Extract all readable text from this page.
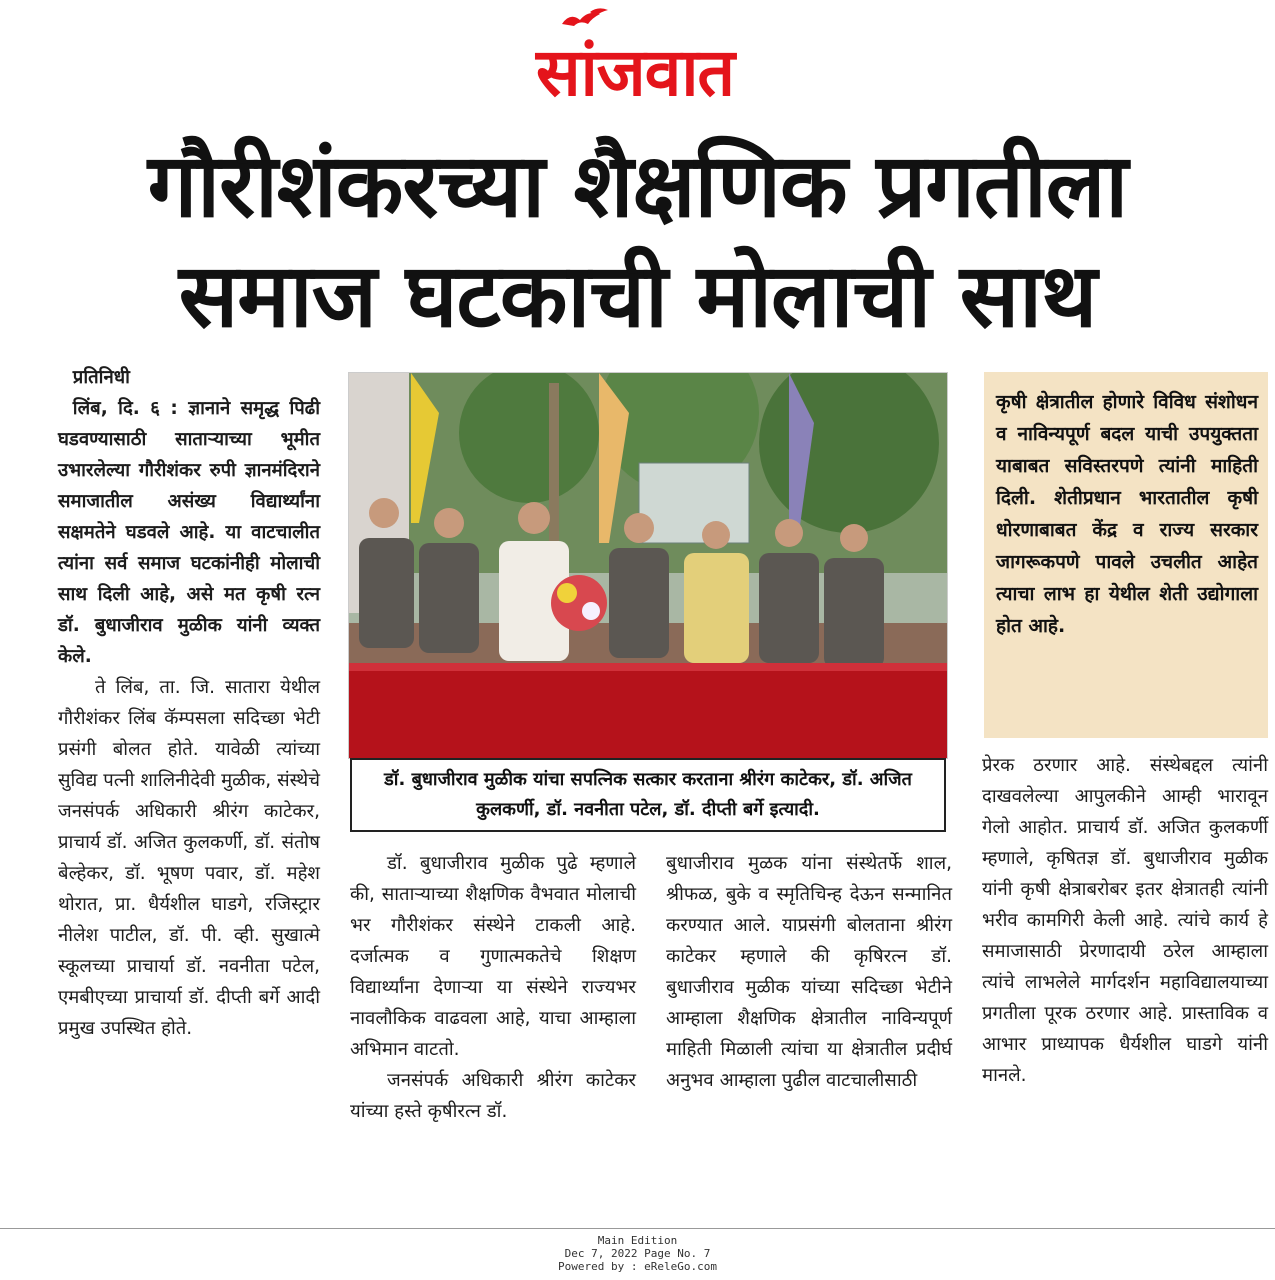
सांजवात
गौरीशंकरच्या शैक्षणिक प्रगतीला
समाज घटकाची मोलाची साथ

प्रतिनिधी

लिंब, दि. ६ : ज्ञानाने समृद्ध पिढी घडवण्यासाठी साताऱ्याच्या भूमीत उभारलेल्या गौरीशंकर रुपी ज्ञानमंदिराने समाजातील असंख्य विद्यार्थ्यांना सक्षमतेने घडवले आहे. या वाटचालीत त्यांना सर्व समाज घटकांनीही मोलाची साथ दिली आहे, असे मत कृषी रत्न डॉ. बुधाजीराव मुळीक यांनी व्यक्त केले.

ते लिंब, ता. जि. सातारा येथील गौरीशंकर लिंब कॅम्पसला सदिच्छा भेटी प्रसंगी बोलत होते. यावेळी त्यांच्या सुविद्य पत्नी शालिनीदेवी मुळीक, संस्थेचे जनसंपर्क अधिकारी श्रीरंग काटेकर, प्राचार्य डॉ. अजित कुलकर्णी, डॉ. संतोष बेल्हेकर, डॉ. भूषण पवार, डॉ. महेश थोरात, प्रा. धैर्यशील घाडगे, रजिस्ट्रार नीलेश पाटील, डॉ. पी. व्ही. सुखात्मे स्कूलच्या प्राचार्या डॉ. नवनीता पटेल, एमबीएच्या प्राचार्या डॉ. दीप्ती बर्गे आदी प्रमुख उपस्थित होते.

डॉ. बुधाजीराव मुळीक यांचा सपत्निक सत्कार करताना श्रीरंग काटेकर, डॉ. अजित कुलकर्णी, डॉ. नवनीता पटेल, डॉ. दीप्ती बर्गे इत्यादी.
कृषी क्षेत्रातील होणारे विविध संशोधन व नाविन्यपूर्ण बदल याची उपयुक्तता याबाबत सविस्तरपणे त्यांनी माहिती दिली. शेतीप्रधान भारतातील कृषी धोरणाबाबत केंद्र व राज्य सरकार जागरूकपणे पावले उचलीत आहेत त्याचा लाभ हा येथील शेती उद्योगाला होत आहे.

डॉ. बुधाजीराव मुळीक पुढे म्हणाले की, साताऱ्याच्या शैक्षणिक वैभवात मोलाची भर गौरीशंकर संस्थेने टाकली आहे. दर्जात्मक व गुणात्मकतेचे शिक्षण विद्यार्थ्यांना देणाऱ्या या संस्थेने राज्यभर नावलौकिक वाढवला आहे, याचा आम्हाला अभिमान वाटतो.

जनसंपर्क अधिकारी श्रीरंग काटेकर यांच्या हस्ते कृषीरत्न डॉ.

बुधाजीराव मुळक यांना संस्थेतर्फे शाल, श्रीफळ, बुके व स्मृतिचिन्ह देऊन सन्मानित करण्यात आले. याप्रसंगी बोलताना श्रीरंग काटेकर म्हणाले की कृषिरत्न डॉ. बुधाजीराव मुळीक यांच्या सदिच्छा भेटीने आम्हाला शैक्षणिक क्षेत्रातील नाविन्यपूर्ण माहिती मिळाली त्यांचा या क्षेत्रातील प्रदीर्घ अनुभव आम्हाला पुढील वाटचालीसाठी

प्रेरक ठरणार आहे. संस्थेबद्दल त्यांनी दाखवलेल्या आपुलकीने आम्ही भारावून गेलो आहोत. प्राचार्य डॉ. अजित कुलकर्णी म्हणाले, कृषितज्ञ डॉ. बुधाजीराव मुळीक यांनी कृषी क्षेत्राबरोबर इतर क्षेत्रातही त्यांनी भरीव कामगिरी केली आहे. त्यांचे कार्य हे समाजासाठी प्रेरणादायी ठरेल आम्हाला त्यांचे लाभलेले मार्गदर्शन महाविद्यालयाच्या प्रगतीला पूरक ठरणार आहे. प्रास्ताविक व आभार प्राध्यापक धैर्यशील घाडगे यांनी मानले.

Main Edition
Dec 7, 2022 Page No. 7
Powered by : eReleGo.com
